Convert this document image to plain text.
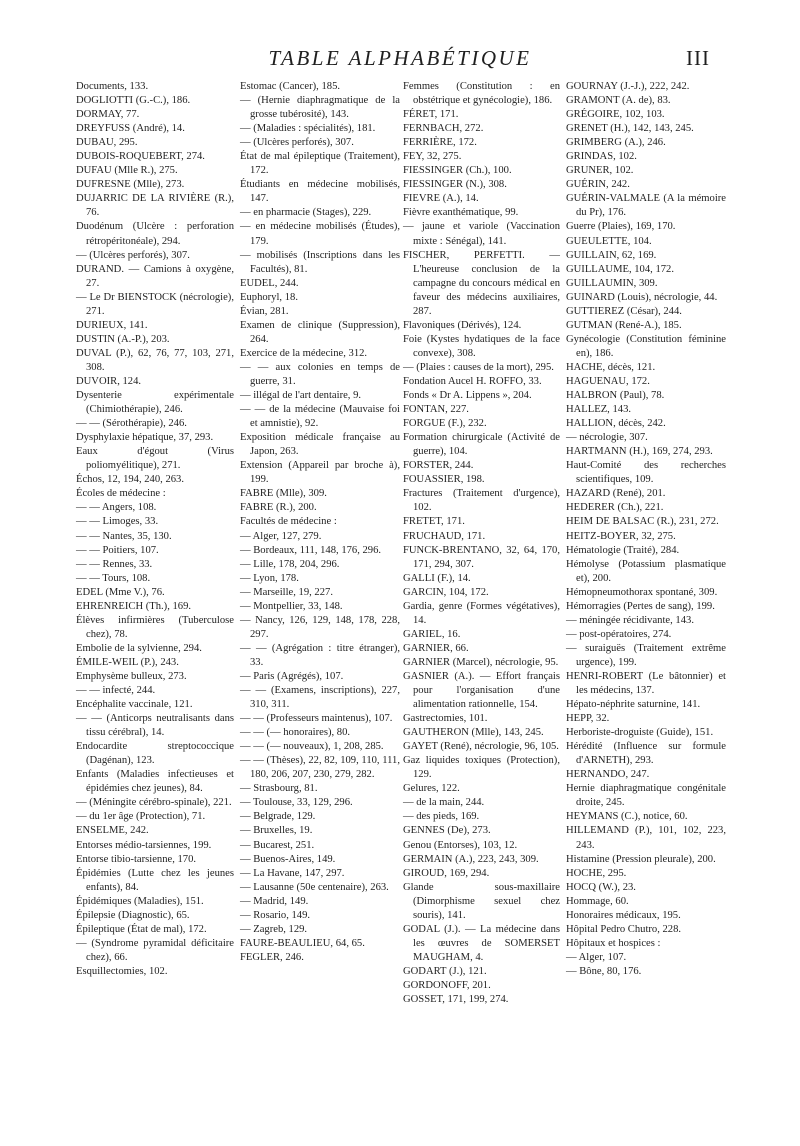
TABLE ALPHABÉTIQUE	III

Documents, 133.

DOGLIOTTI (G.-C.), 186.

DORMAY, 77.

DREYFUSS (André), 14.

DUBAU, 295.

DUBOIS-ROQUEBERT, 274.

DUFAU (Mlle R.), 275.

DUFRESNE (Mlle), 273.

DUJARRIC DE LA RIVIÈRE (R.), 76.

Duodénum (Ulcère : perforation rétropéritonéale), 294.

— (Ulcères perforés), 307.

DURAND. — Camions à oxygène, 27.

— Le Dr BIENSTOCK (nécrologie), 271.

DURIEUX, 141.

DUSTIN (A.-P.), 203.

DUVAL (P.), 62, 76, 77, 103, 271, 308.

DUVOIR, 124.

Dysenterie expérimentale (Chimiothérapie), 246.

— — (Sérothérapie), 246.

Dysphylaxie hépatique, 37, 293.

Eaux d'égout (Virus poliomyélitique), 271.

Échos, 12, 194, 240, 263.

Écoles de médecine :

— — Angers, 108.

— — Limoges, 33.

— — Nantes, 35, 130.

— — Poitiers, 107.

— — Rennes, 33.

— — Tours, 108.

EDEL (Mme V.), 76.

EHRENREICH (Th.), 169.

Élèves infirmières (Tuberculose chez), 78.

Embolie de la sylvienne, 294.

ÉMILE-WEIL (P.), 243.

Emphysème bulleux, 273.

— — infecté, 244.

Encéphalite vaccinale, 121.

— — (Anticorps neutralisants dans tissu cérébral), 14.

Endocardite streptococcique (Dagénan), 123.

Enfants (Maladies infectieuses et épidémies chez jeunes), 84.

— (Méningite cérébro-spinale), 221.

— du 1er âge (Protection), 71.

ENSELME, 242.

Entorses médio-tarsiennes, 199.

Entorse tibio-tarsienne, 170.

Épidémies (Lutte chez les jeunes enfants), 84.

Épidémiques (Maladies), 151.

Épilepsie (Diagnostic), 65.

Épileptique (État de mal), 172.

— (Syndrome pyramidal déficitaire chez), 66.

Esquillectomies, 102.

Estomac (Cancer), 185.

— (Hernie diaphragmatique de la grosse tubérosité), 143.

— (Maladies : spécialités), 181.

— (Ulcères perforés), 307.

État de mal épileptique (Traitement), 172.

Étudiants en médecine mobilisés, 147.

— en pharmacie (Stages), 229.

— en médecine mobilisés (Études), 179.

— mobilisés (Inscriptions dans les Facultés), 81.

EUDEL, 244.

Euphoryl, 18.

Évian, 281.

Examen de clinique (Suppression), 264.

Exercice de la médecine, 312.

— — aux colonies en temps de guerre, 31.

— illégal de l'art dentaire, 9.

— — de la médecine (Mauvaise foi et amnistie), 92.

Exposition médicale française au Japon, 263.

Extension (Appareil par broche à), 199.

FABRE (Mlle), 309.

FABRE (R.), 200.

Facultés de médecine :

— Alger, 127, 279.

— Bordeaux, 111, 148, 176, 296.

— Lille, 178, 204, 296.

— Lyon, 178.

— Marseille, 19, 227.

— Montpellier, 33, 148.

— Nancy, 126, 129, 148, 178, 228, 297.

— — (Agrégation : titre étranger), 33.

— Paris (Agrégés), 107.

— — (Examens, inscriptions), 227, 310, 311.

— — (Professeurs maintenus), 107.

— — (— honoraires), 80.

— — (— nouveaux), 1, 208, 285.

— — (Thèses), 22, 82, 109, 110, 111, 180, 206, 207, 230, 279, 282.

— Strasbourg, 81.

— Toulouse, 33, 129, 296.

— Belgrade, 129.

— Bruxelles, 19.

— Bucarest, 251.

— Buenos-Aires, 149.

— La Havane, 147, 297.

— Lausanne (50e centenaire), 263.

— Madrid, 149.

— Rosario, 149.

— Zagreb, 129.

FAURE-BEAULIEU, 64, 65.

FEGLER, 246.

Femmes (Constitution : en obstétrique et gynécologie), 186.

FÉRET, 171.

FERNBACH, 272.

FERRIÈRE, 172.

FEY, 32, 275.

FIESSINGER (Ch.), 100.

FIESSINGER (N.), 308.

FIEVRE (A.), 14.

Fièvre exanthématique, 99.

— jaune et variole (Vaccination mixte : Sénégal), 141.

FISCHER, PERFETTI. — L'heureuse conclusion de la campagne du concours médical en faveur des médecins auxiliaires, 287.

Flavoniques (Dérivés), 124.

Foie (Kystes hydatiques de la face convexe), 308.

— (Plaies : causes de la mort), 295.

Fondation Aucel H. ROFFO, 33.

Fonds « Dr A. Lippens », 204.

FONTAN, 227.

FORGUE (F.), 232.

Formation chirurgicale (Activité de guerre), 104.

FORSTER, 244.

FOUASSIER, 198.

Fractures (Traitement d'urgence), 102.

FRETET, 171.

FRUCHAUD, 171.

FUNCK-BRENTANO, 32, 64, 170, 171, 294, 307.

GALLI (F.), 14.

GARCIN, 104, 172.

Gardia, genre (Formes végétatives), 14.

GARIEL, 16.

GARNIER, 66.

GARNIER (Marcel), nécrologie, 95.

GASNIER (A.). — Effort français pour l'organisation d'une alimentation rationnelle, 154.

Gastrectomies, 101.

GAUTHERON (Mlle), 143, 245.

GAYET (René), nécrologie, 96, 105.

Gaz liquides toxiques (Protection), 129.

Gelures, 122.

— de la main, 244.

— des pieds, 169.

GENNES (De), 273.

Genou (Entorses), 103, 12.

GERMAIN (A.), 223, 243, 309.

GIROUD, 169, 294.

Glande sous-maxillaire (Dimorphisme sexuel chez souris), 141.

GODAL (J.). — La médecine dans les œuvres de SOMERSET MAUGHAM, 4.

GODART (J.), 121.

GORDONOFF, 201.

GOSSET, 171, 199, 274.

GOURNAY (J.-J.), 222, 242.

GRAMONT (A. de), 83.

GRÉGOIRE, 102, 103.

GRENET (H.), 142, 143, 245.

GRIMBERG (A.), 246.

GRINDAS, 102.

GRUNER, 102.

GUÉRIN, 242.

GUÉRIN-VALMALE (A la mémoire du Pr), 176.

Guerre (Plaies), 169, 170.

GUEULETTE, 104.

GUILLAIN, 62, 169.

GUILLAUME, 104, 172.

GUILLAUMIN, 309.

GUINARD (Louis), nécrologie, 44.

GUTTIEREZ (César), 244.

GUTMAN (René-A.), 185.

Gynécologie (Constitution féminine en), 186.

HACHE, décès, 121.

HAGUENAU, 172.

HALBRON (Paul), 78.

HALLEZ, 143.

HALLION, décès, 242.

— nécrologie, 307.

HARTMANN (H.), 169, 274, 293.

Haut-Comité des recherches scientifiques, 109.

HAZARD (René), 201.

HEDERER (Ch.), 221.

HEIM DE BALSAC (R.), 231, 272.

HEITZ-BOYER, 32, 275.

Hématologie (Traité), 284.

Hémolyse (Potassium plasmatique et), 200.

Hémopneumothorax spontané, 309.

Hémorragies (Pertes de sang), 199.

— méningée récidivante, 143.

— post-opératoires, 274.

— suraiguës (Traitement extrême urgence), 199.

HENRI-ROBERT (Le bâtonnier) et les médecins, 137.

Hépato-néphrite saturnine, 141.

HEPP, 32.

Herboriste-droguiste (Guide), 151.

Hérédité (Influence sur formule d'ARNETH), 293.

HERNANDO, 247.

Hernie diaphragmatique congénitale droite, 245.

HEYMANS (C.), notice, 60.

HILLEMAND (P.), 101, 102, 223, 243.

Histamine (Pression pleurale), 200.

HOCHE, 295.

HOCQ (W.), 23.

Hommage, 60.

Honoraires médicaux, 195.

Hôpital Pedro Chutro, 228.

Hôpitaux et hospices :

— Alger, 107.

— Bône, 80, 176.
